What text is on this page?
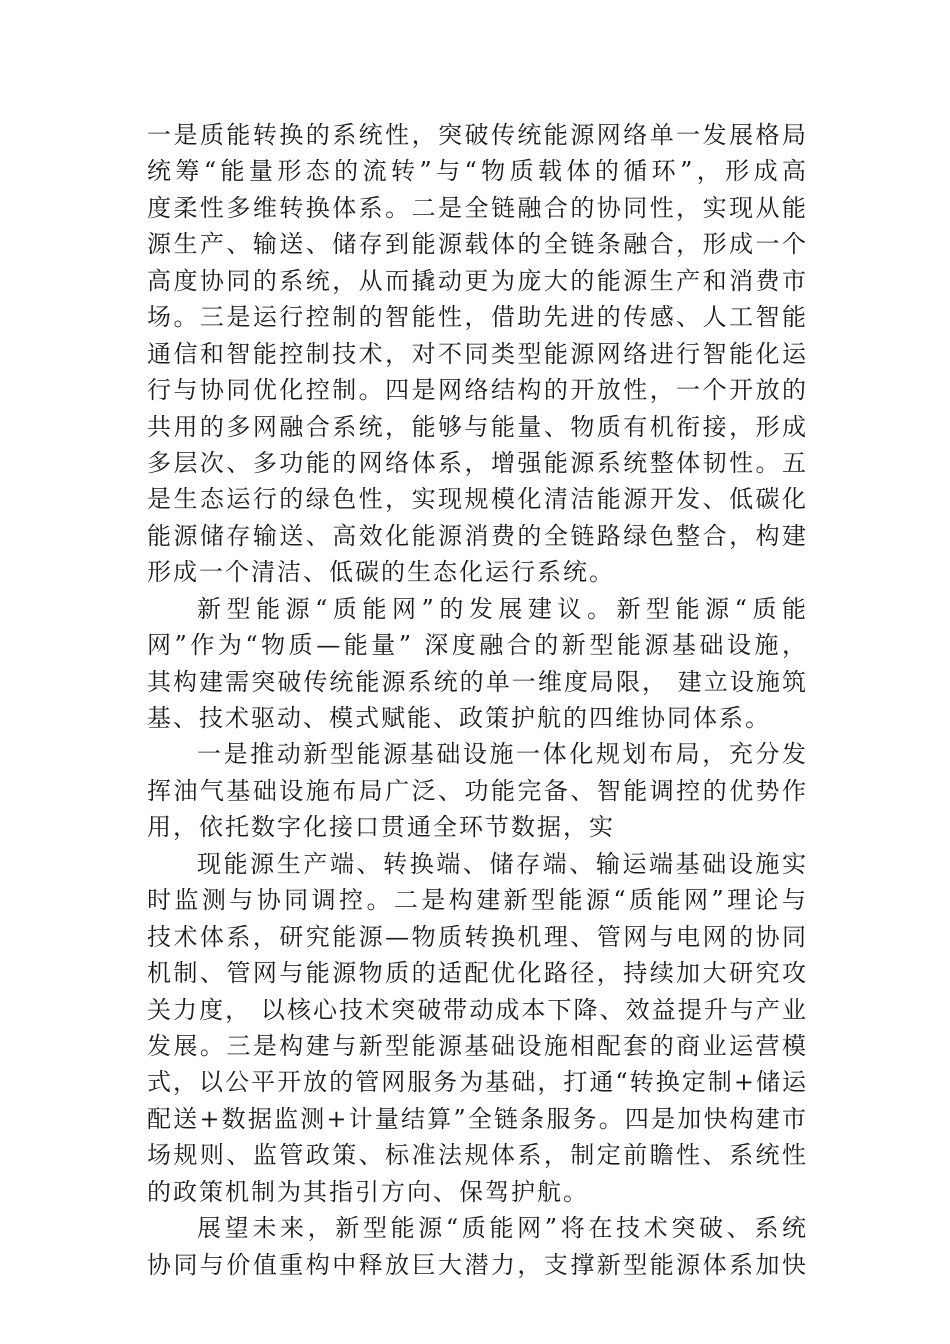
一是质能转换的系统性，突破传统能源网络单一发展格局
统筹“能量形态的流转”与“物质载体的循环”，形成高
度柔性多维转换体系。二是全链融合的协同性，实现从能
源生产、输送、储存到能源载体的全链条融合，形成一个
高度协同的系统，从而撬动更为庞大的能源生产和消费市
场。三是运行控制的智能性，借助先进的传感、人工智能
通信和智能控制技术，对不同类型能源网络进行智能化运
行与协同优化控制。四是网络结构的开放性，一个开放的
共用的多网融合系统，能够与能量、物质有机衔接，形成
多层次、多功能的网络体系，增强能源系统整体韧性。五
是生态运行的绿色性，实现规模化清洁能源开发、低碳化
能源储存输送、高效化能源消费的全链路绿色整合，构建
形成一个清洁、低碳的生态化运行系统。
新型能源“质能网”的发展建议。新型能源“质能
网”作为“物质—能量” 深度融合的新型能源基础设施，
其构建需突破传统能源系统的单一维度局限， 建立设施筑
基、技术驱动、模式赋能、政策护航的四维协同体系。
一是推动新型能源基础设施一体化规划布局，充分发
挥油气基础设施布局广泛、功能完备、智能调控的优势作
用，依托数字化接口贯通全环节数据，实
现能源生产端、转换端、储存端、输运端基础设施实
时监测与协同调控。二是构建新型能源“质能网”理论与
技术体系，研究能源—物质转换机理、管网与电网的协同
机制、管网与能源物质的适配优化路径，持续加大研究攻
关力度， 以核心技术突破带动成本下降、效益提升与产业
发展。三是构建与新型能源基础设施相配套的商业运营模
式，以公平开放的管网服务为基础，打通“转换定制+储运
配送+数据监测+计量结算”全链条服务。四是加快构建市
场规则、监管政策、标准法规体系，制定前瞻性、系统性
的政策机制为其指引方向、保驾护航。
展望未来，新型能源“质能网”将在技术突破、系统
协同与价值重构中释放巨大潜力，支撑新型能源体系加快
